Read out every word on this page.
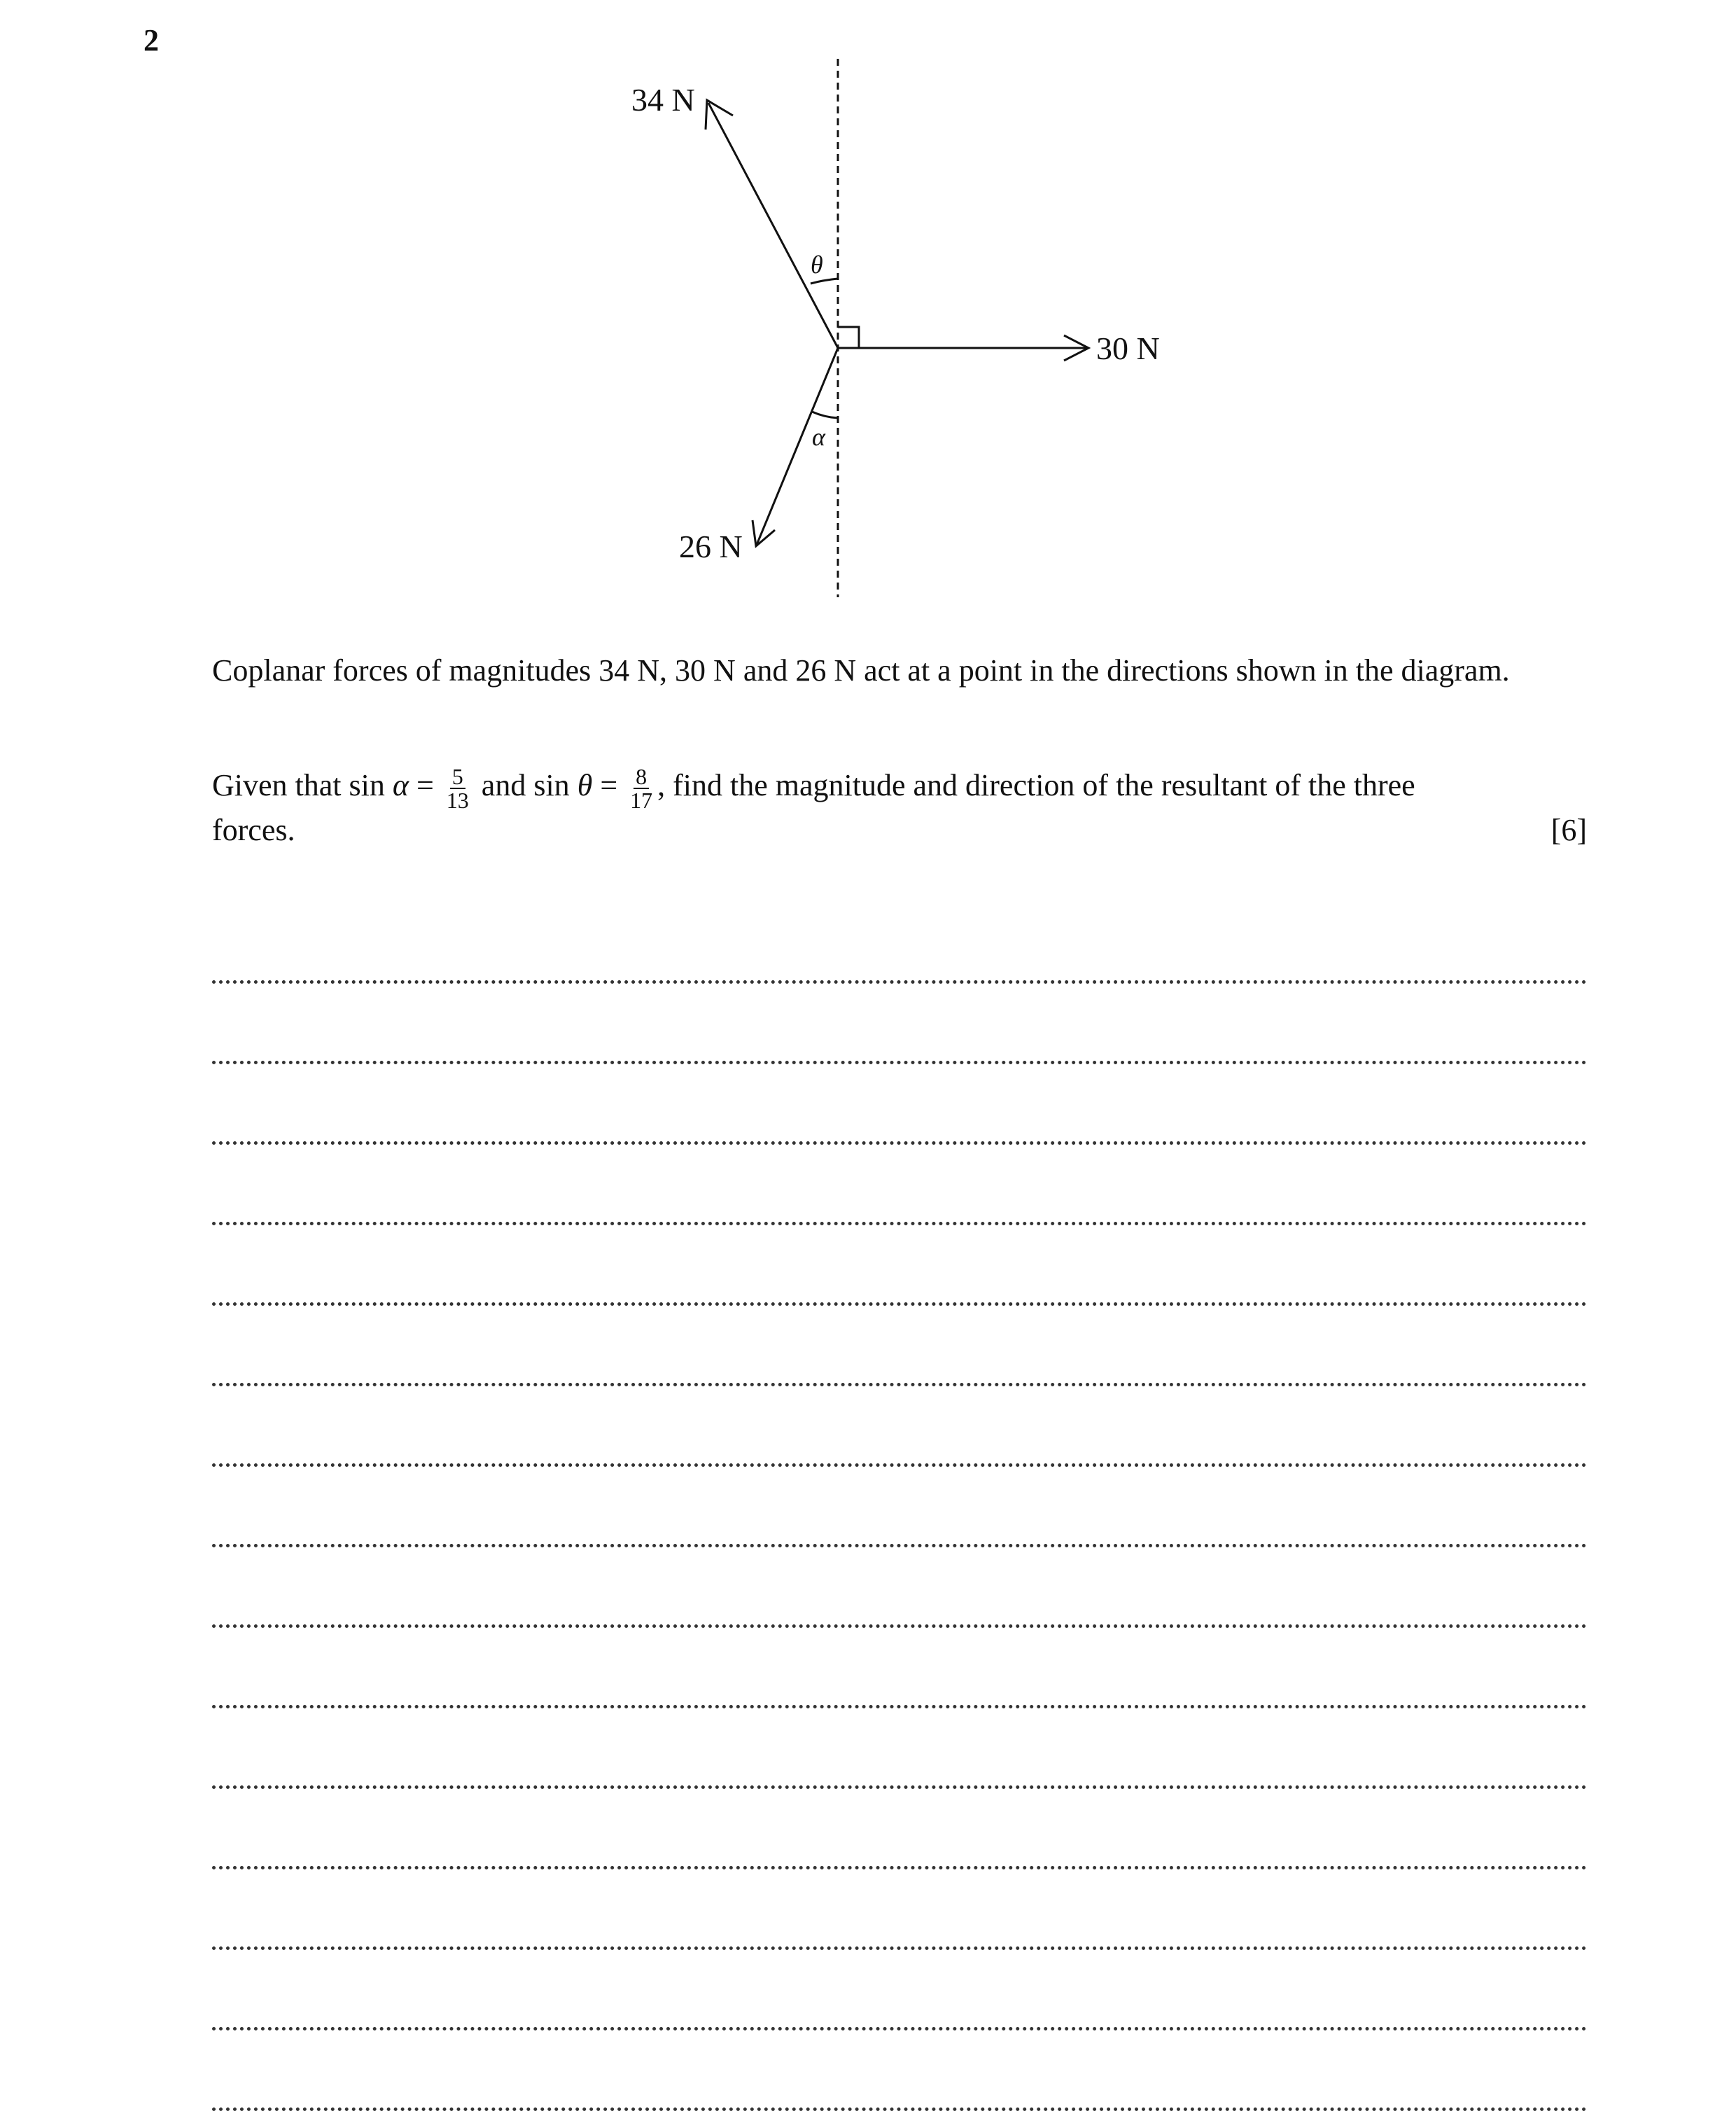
2
34 N
30 N
26 N
θ
α
Coplanar forces of magnitudes 34 N, 30 N and 26 N act at a point in the directions shown in the diagram.
Given that $\sin \alpha = \frac{5}{13}$ and $\sin \theta = \frac{8}{17}$ , find the magnitude and direction of the resultant of the three
forces.	[6]
